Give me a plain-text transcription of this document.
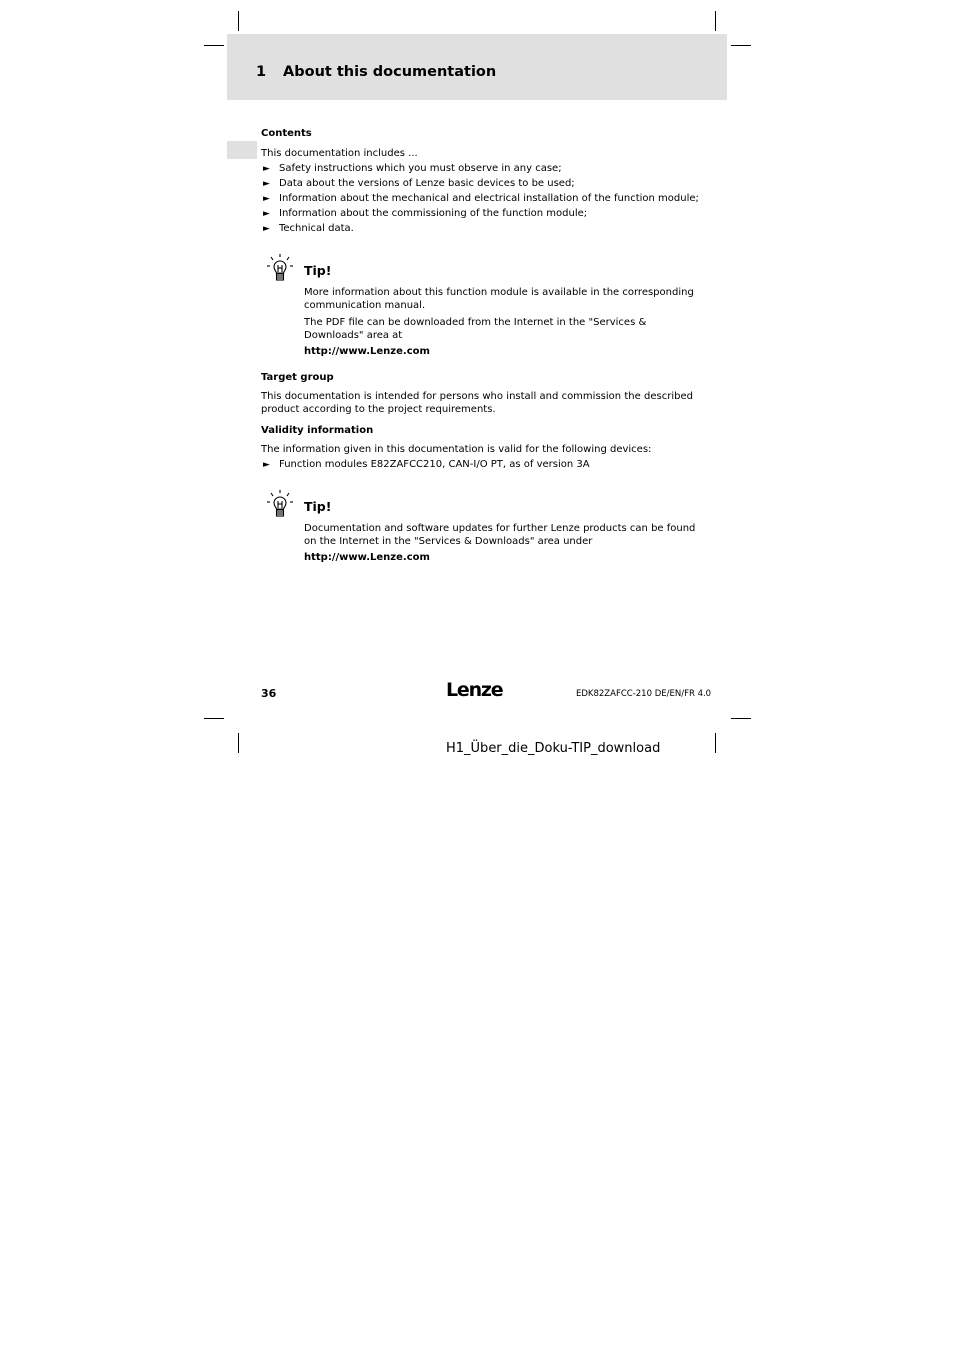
1 About this documentation
Contents
This documentation includes ...
► Safety instructions which you must observe in any case;
► Data about the versions of Lenze basic devices to be used;
► Information about the mechanical and electrical installation of the function module;
► Information about the commissioning of the function module;
► Technical data.
Tip!
More information about this function module is available in the corresponding
communication manual.
The PDF file can be downloaded from the Internet in the "Services &
Downloads" area at
http://www.Lenze.com
Target group
This documentation is intended for persons who install and commission the described product according to the project requirements.
Validity information
The information given in this documentation is valid for the following devices:
► Function modules E82ZAFCC210, CAN-I/O PT, as of version 3A
Tip!
Documentation and software updates for further Lenze products can be found
on the Internet in the "Services & Downloads" area under
http://www.Lenze.com
36	Lenze	EDK82ZAFCC-210 DE/EN/FR 4.0
H1_Über_die_Doku-TIP_download
